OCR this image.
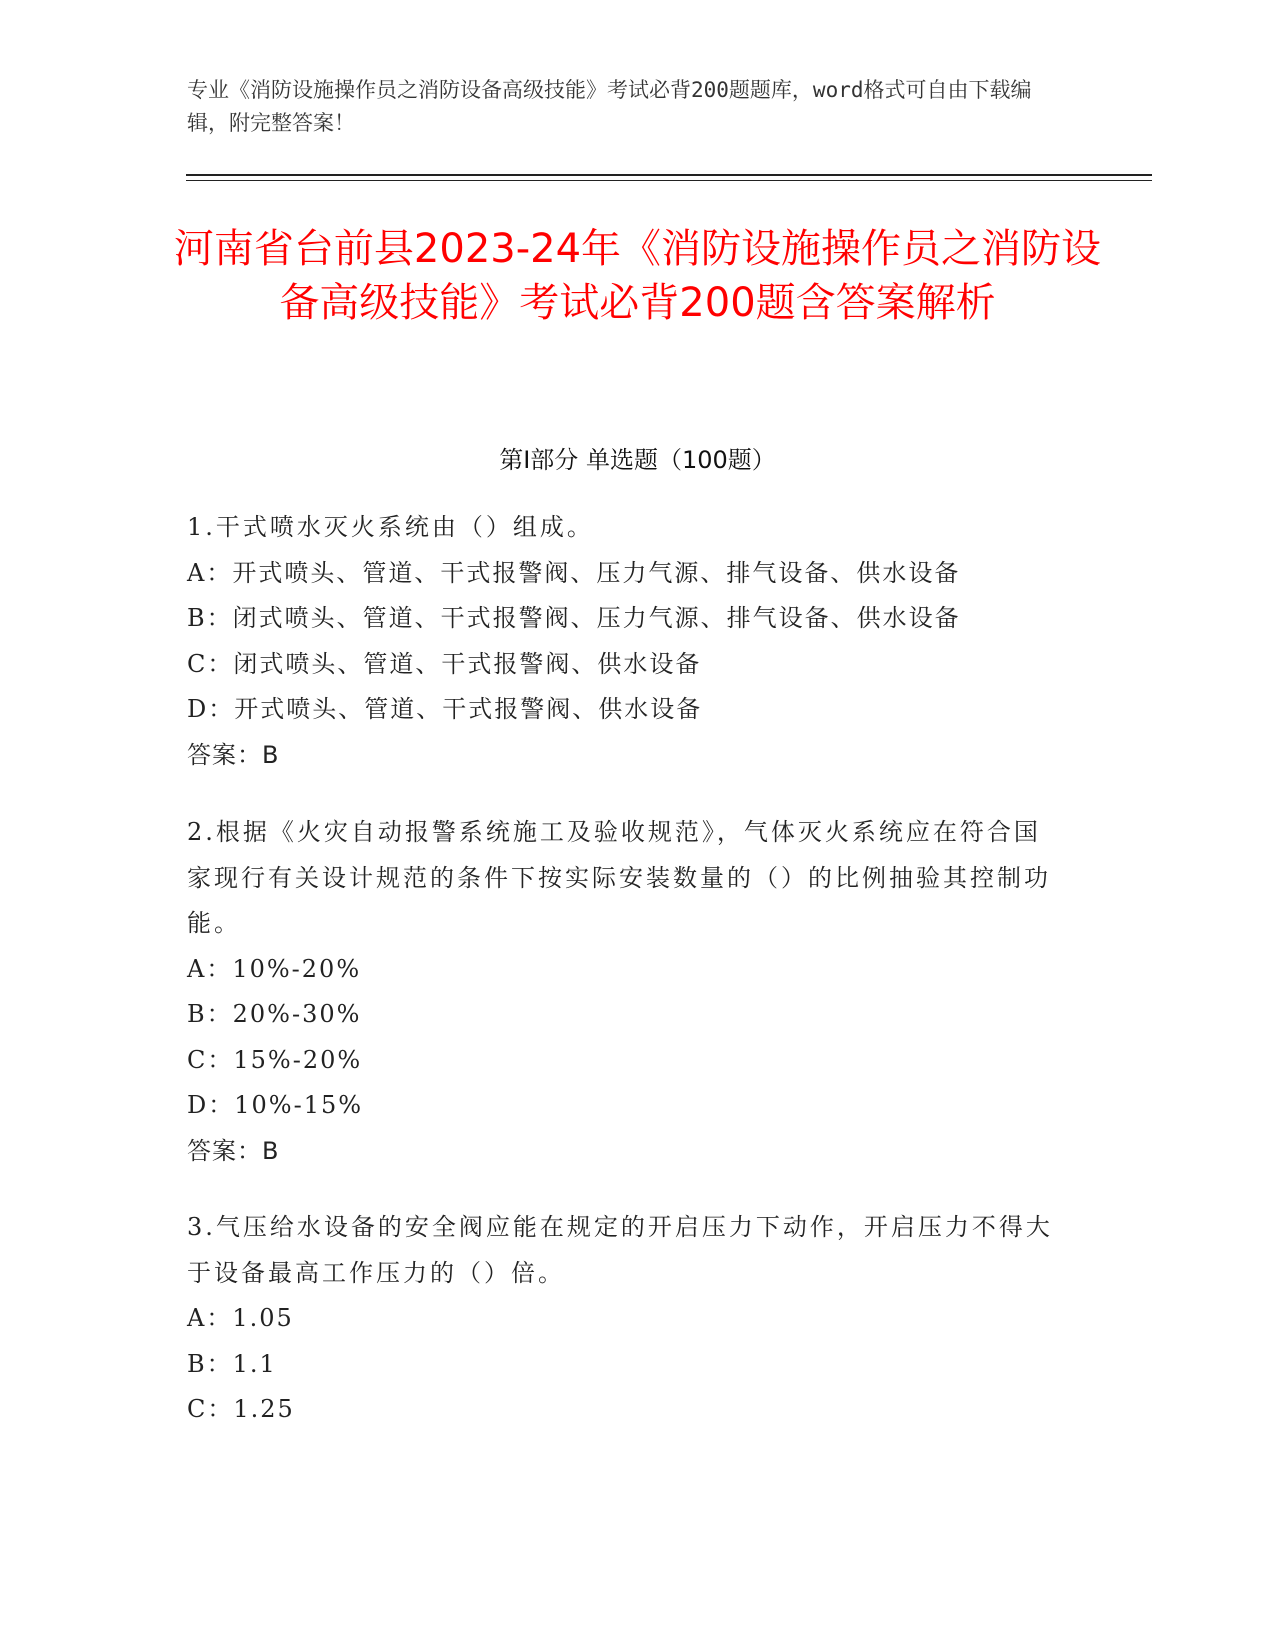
专业《消防设施操作员之消防设备高级技能》考试必背200题题库，word格式可自由下载编辑，附完整答案！
河南省台前县2023-24年《消防设施操作员之消防设备高级技能》考试必背200题含答案解析
第Ⅰ部分 单选题（100题）
1.干式喷水灭火系统由（）组成。
A：开式喷头、管道、干式报警阀、压力气源、排气设备、供水设备
B：闭式喷头、管道、干式报警阀、压力气源、排气设备、供水设备
C：闭式喷头、管道、干式报警阀、供水设备
D：开式喷头、管道、干式报警阀、供水设备
答案：B
2.根据《火灾自动报警系统施工及验收规范》，气体灭火系统应在符合国家现行有关设计规范的条件下按实际安装数量的（）的比例抽验其控制功能。
A：10%-20%
B：20%-30%
C：15%-20%
D：10%-15%
答案：B
3.气压给水设备的安全阀应能在规定的开启压力下动作，开启压力不得大于设备最高工作压力的（）倍。
A：1.05
B：1.1
C：1.25
